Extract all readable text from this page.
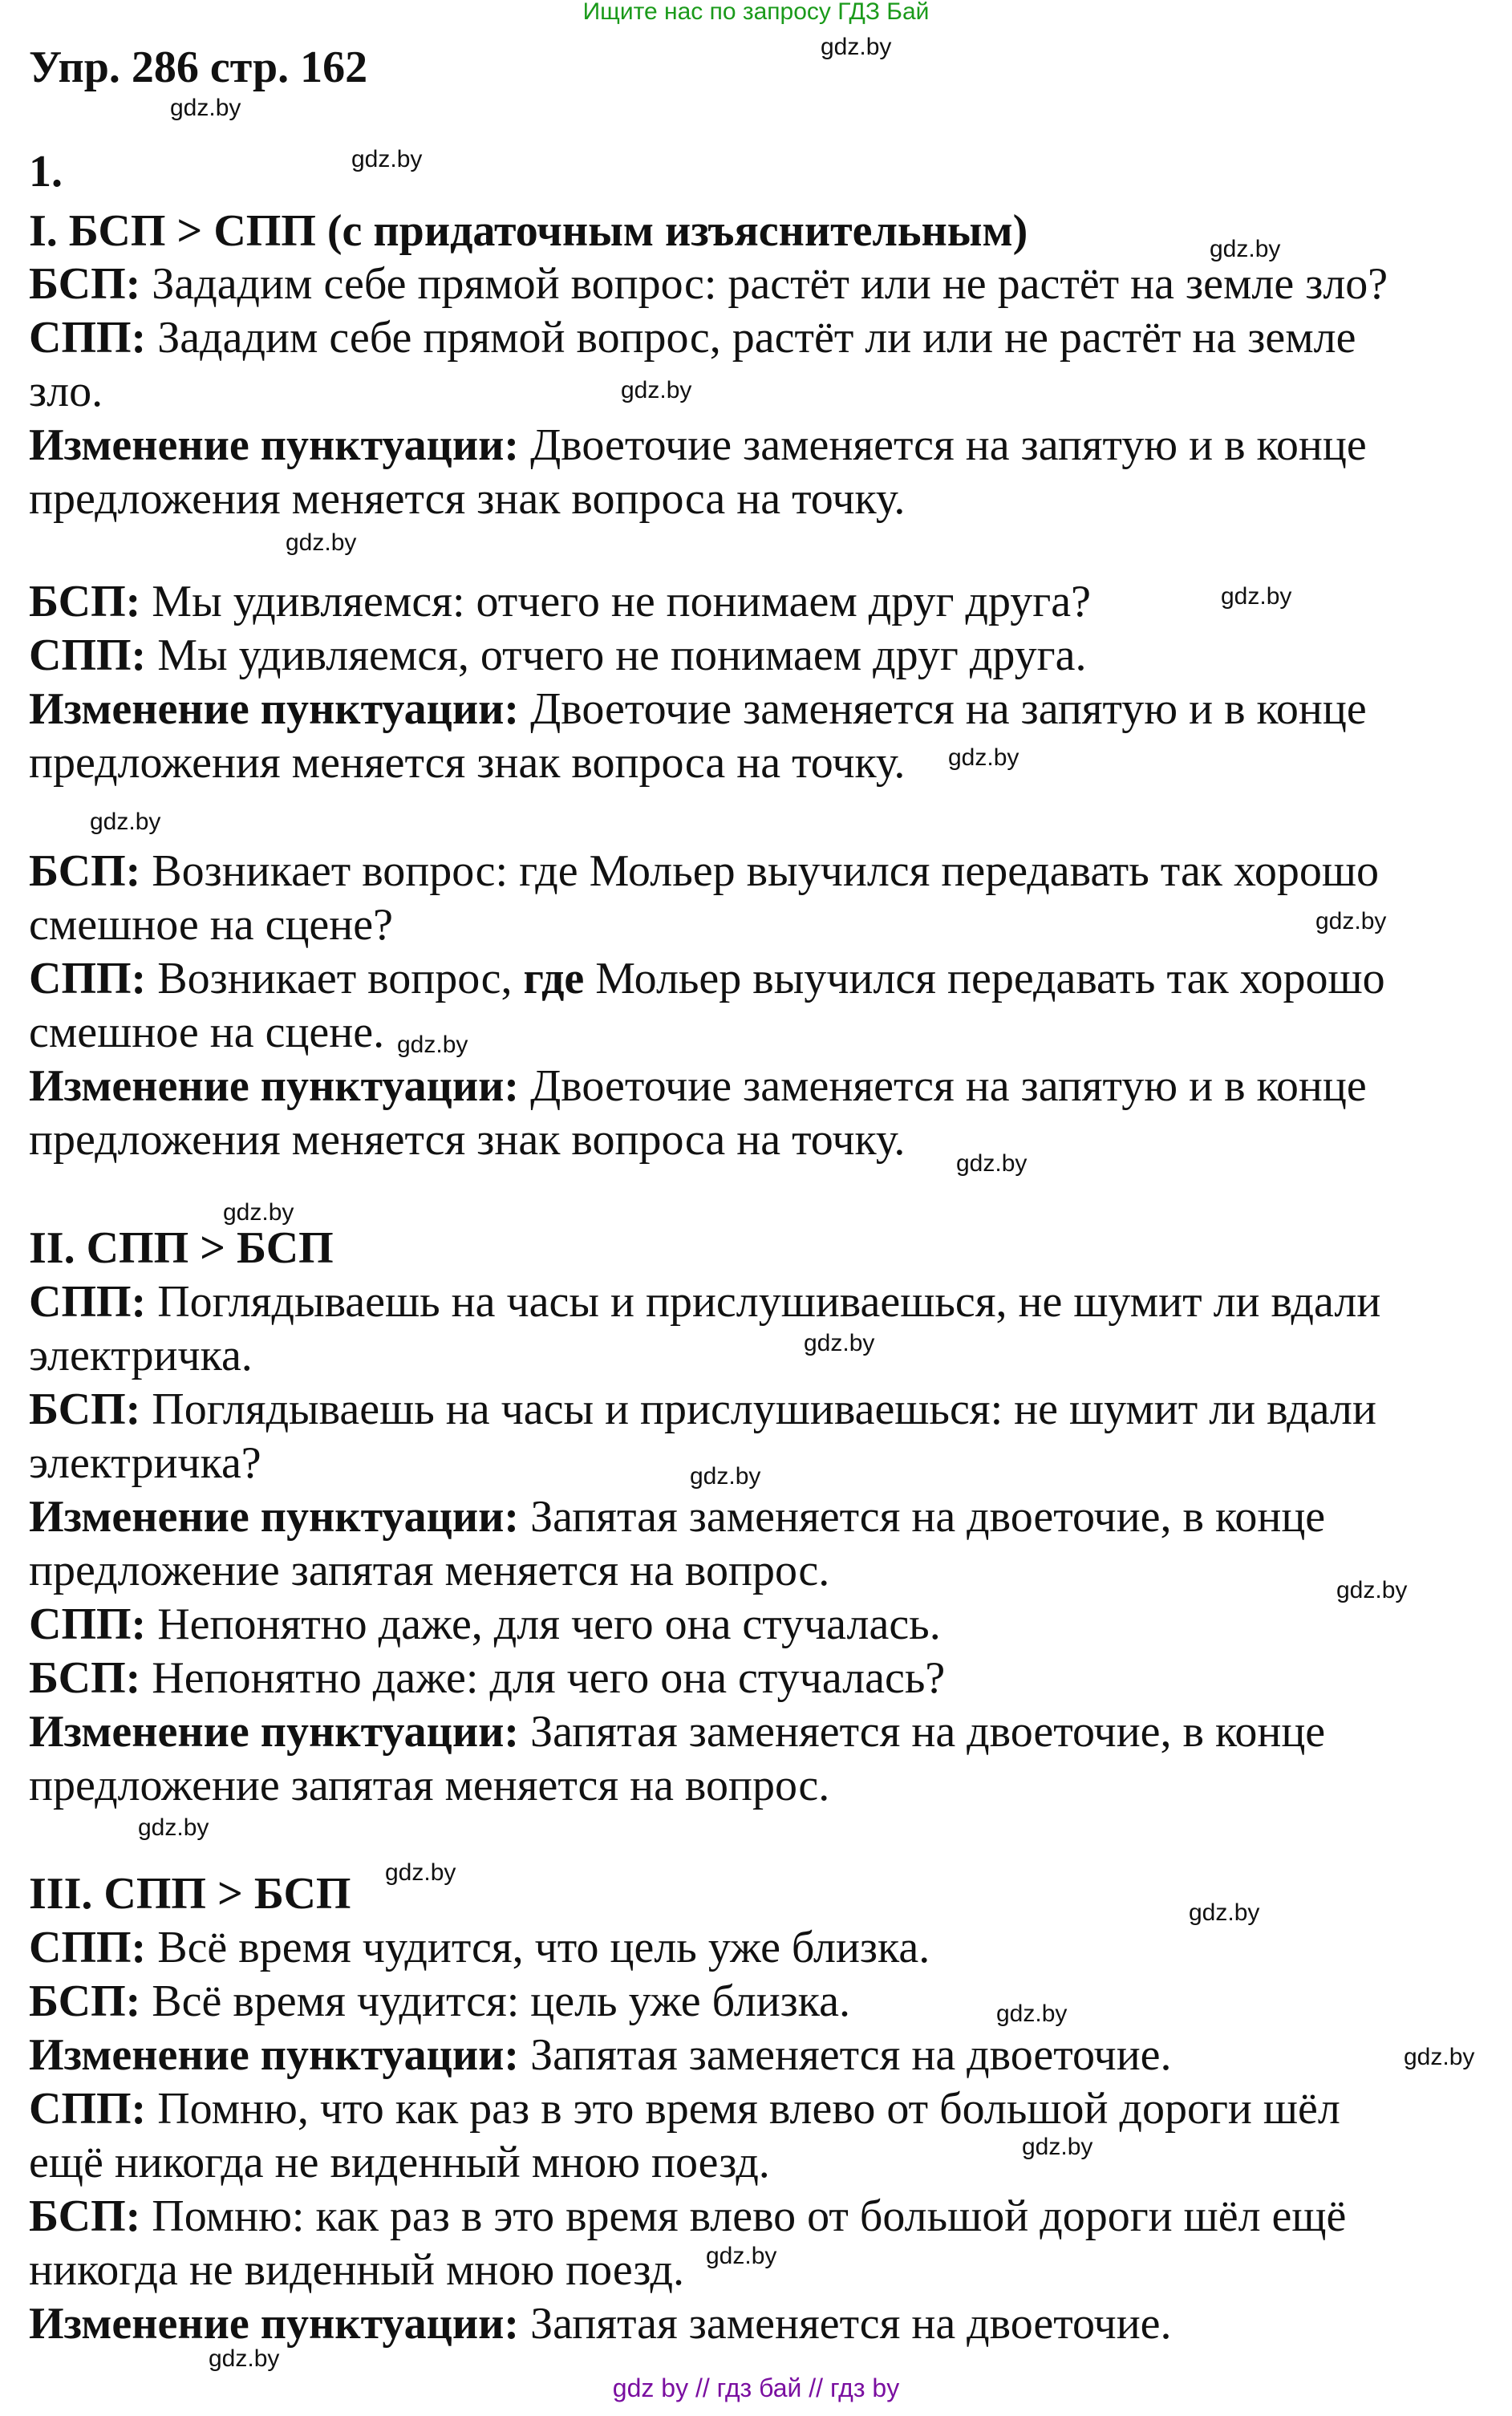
Ищите нас по запросу ГДЗ Бай
Упр. 286 стр. 162
1.
I. БСП > СПП (с придаточным изъяснительным)
БСП: Зададим себе прямой вопрос: растёт или не растёт на земле зло?
СПП: Зададим себе прямой вопрос, растёт ли или не растёт на земле
зло.
Изменение пунктуации: Двоеточие заменяется на запятую и в конце
предложения меняется знак вопроса на точку.
БСП: Мы удивляемся: отчего не понимаем друг друга?
СПП: Мы удивляемся, отчего не понимаем друг друга.
Изменение пунктуации: Двоеточие заменяется на запятую и в конце
предложения меняется знак вопроса на точку.
БСП: Возникает вопрос: где Мольер выучился передавать так хорошо
смешное на сцене?
СПП: Возникает вопрос, где Мольер выучился передавать так хорошо
смешное на сцене.
Изменение пунктуации: Двоеточие заменяется на запятую и в конце
предложения меняется знак вопроса на точку.
II. СПП > БСП
СПП: Поглядываешь на часы и прислушиваешься, не шумит ли вдали
электричка.
БСП: Поглядываешь на часы и прислушиваешься: не шумит ли вдали
электричка?
Изменение пунктуации: Запятая заменяется на двоеточие, в конце
предложение запятая меняется на вопрос.
СПП: Непонятно даже, для чего она стучалась.
БСП: Непонятно даже: для чего она стучалась?
Изменение пунктуации: Запятая заменяется на двоеточие, в конце
предложение запятая меняется на вопрос.
III. СПП > БСП
СПП: Всё время чудится, что цель уже близка.
БСП: Всё время чудится: цель уже близка.
Изменение пунктуации: Запятая заменяется на двоеточие.
СПП: Помню, что как раз в это время влево от большой дороги шёл
ещё никогда не виденный мною поезд.
БСП: Помню: как раз в это время влево от большой дороги шёл ещё
никогда не виденный мною поезд.
Изменение пунктуации: Запятая заменяется на двоеточие.
gdz.by
gdz.by
gdz.by
gdz.by
gdz.by
gdz.by
gdz.by
gdz.by
gdz.by
gdz.by
gdz.by
gdz.by
gdz.by
gdz.by
gdz.by
gdz.by
gdz.by
gdz.by
gdz.by
gdz.by
gdz.by
gdz.by
gdz.by
gdz.by
gdz by // гдз бай // гдз by
